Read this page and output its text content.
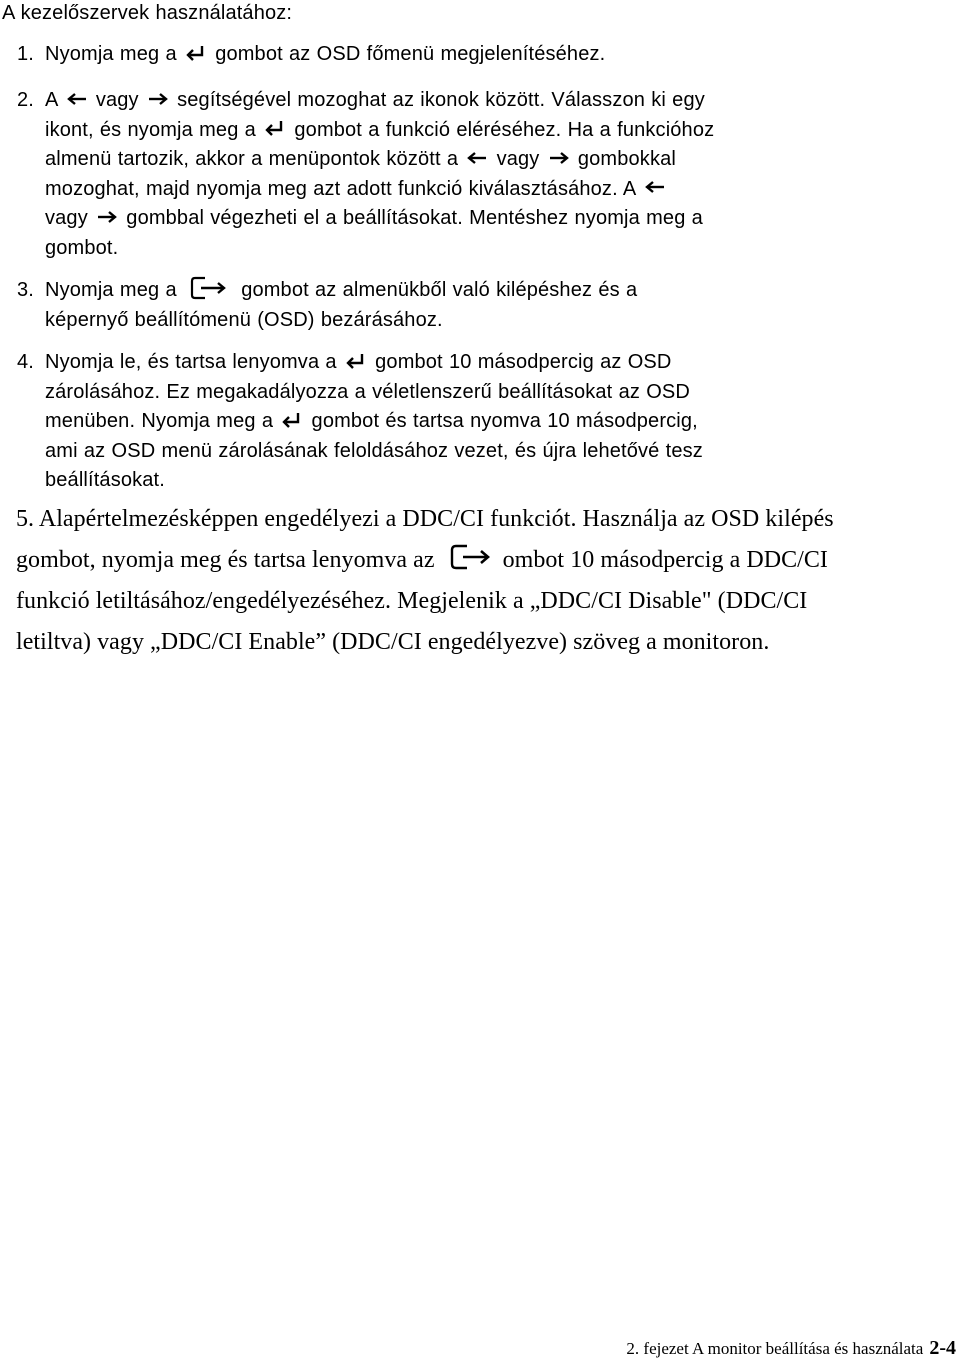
A kezelőszervek használatához:

1. Nyomja meg a gombot az OSD főmenü megjelenítéséhez.
2. A vagy segítségével mozoghat az ikonok között. Válasszon ki egy
ikont, és nyomja meg a gombot a funkció eléréséhez. Ha a funkcióhoz
almenü tartozik, akkor a menüpontok között a vagy gombokkal
mozoghat, majd nyomja meg azt adott funkció kiválasztásához. A
vagy gombbal végezheti el a beállításokat. Mentéshez nyomja meg a
gombot.
3. Nyomja meg a	gombot az almenükből való kilépéshez és a
képernyő beállítómenü (OSD) bezárásához.
4. Nyomja le, és tartsa lenyomva a gombot 10 másodpercig az OSD
zárolásához. Ez megakadályozza a véletlenszerű beállításokat az OSD
menüben. Nyomja meg a gombot és tartsa nyomva 10 másodpercig,
ami az OSD menü zárolásának feloldásához vezet, és újra lehetővé tesz
beállításokat.
5. Alapértelmezésképpen engedélyezi a DDC/CI funkciót. Használja az OSD kilépés
gombot, nyomja meg és tartsa lenyomva az	ombot 10 másodpercig a DDC/CI
funkció letiltásához/engedélyezéséhez. Megjelenik a „DDC/CI Disable" (DDC/CI
letiltva) vagy „DDC/CI Enable” (DDC/CI engedélyezve) szöveg a monitoron.
2. fejezet A monitor beállítása és használata 2-4
